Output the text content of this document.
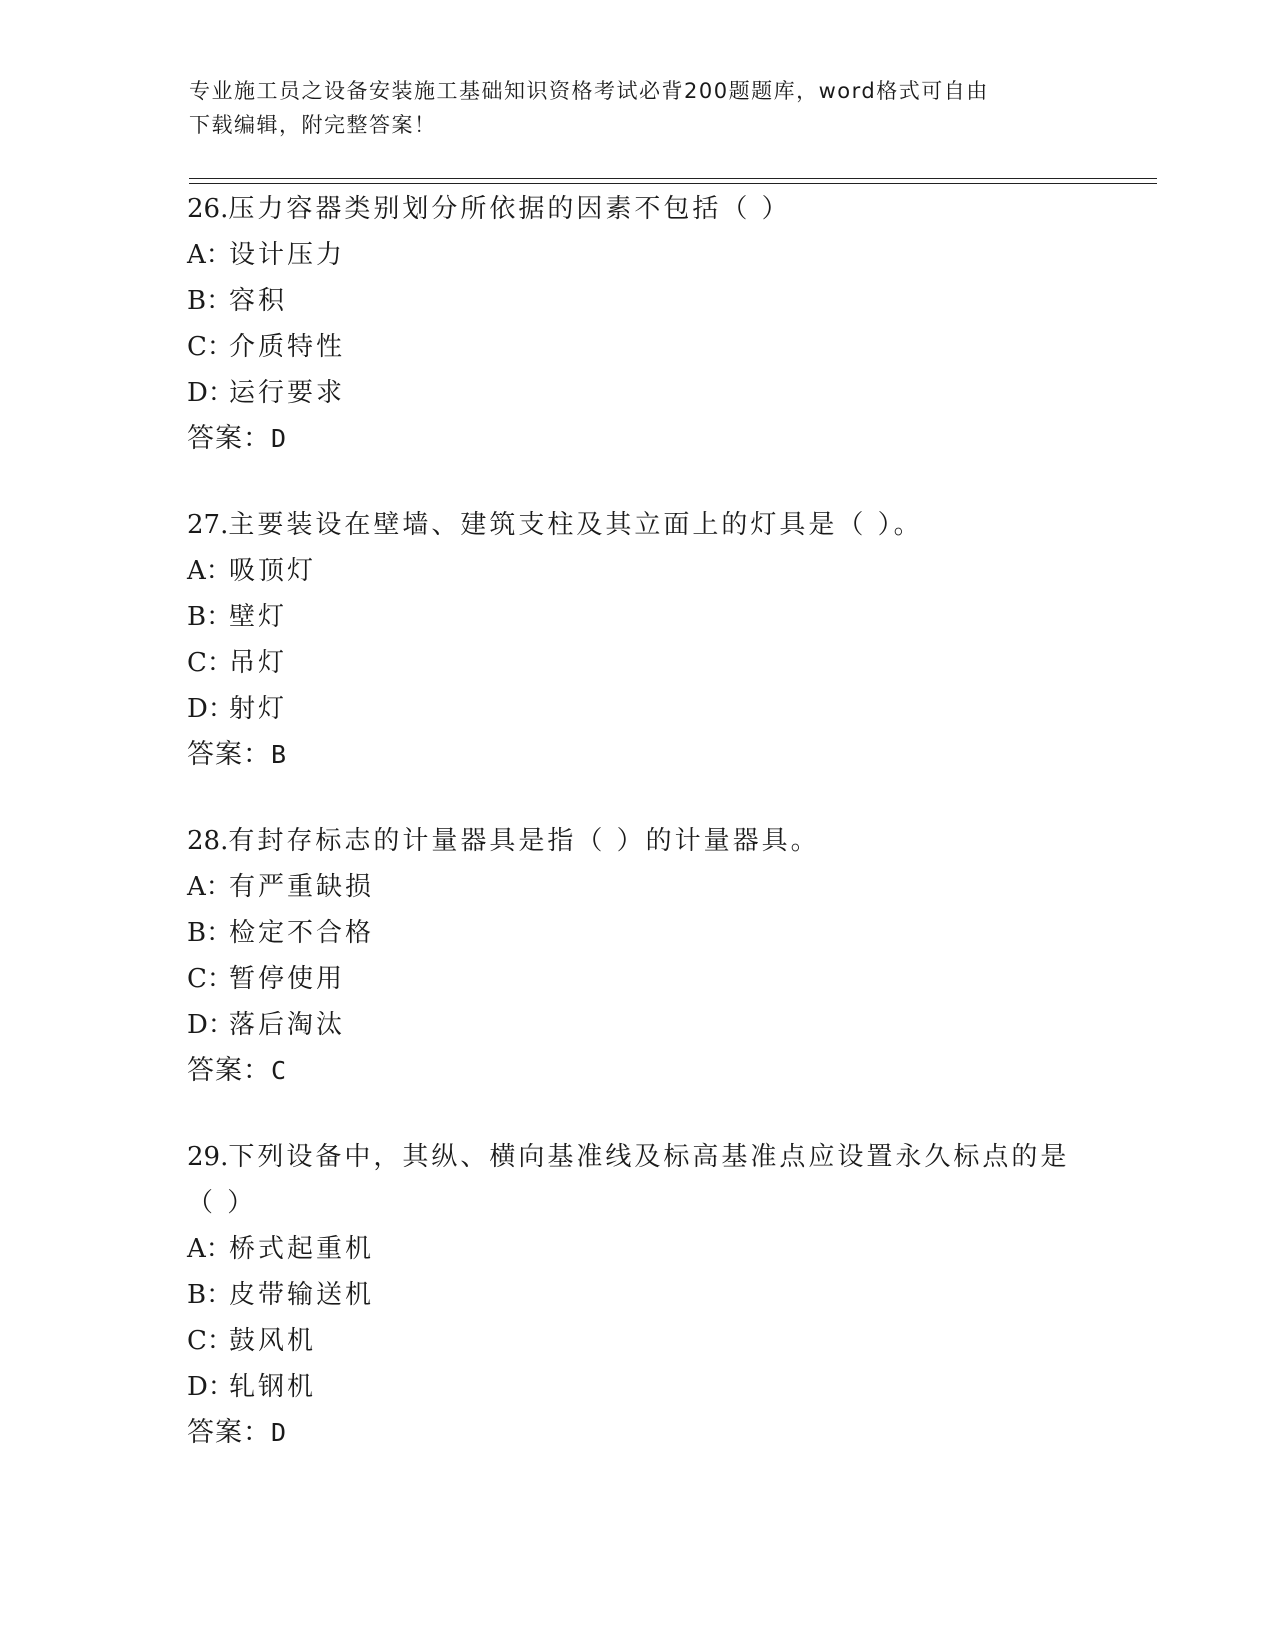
专业施工员之设备安装施工基础知识资格考试必背200题题库，word格式可自由
下载编辑，附完整答案！
26.压力容器类别划分所依据的因素不包括（ ）
A：设计压力
B：容积
C：介质特性
D：运行要求
答案：D
27.主要装设在壁墙、建筑支柱及其立面上的灯具是（ ）。
A：吸顶灯
B：壁灯
C：吊灯
D：射灯
答案：B
28.有封存标志的计量器具是指（ ）的计量器具。
A：有严重缺损
B：检定不合格
C：暂停使用
D：落后淘汰
答案：C
29.下列设备中，其纵、横向基准线及标高基准点应设置永久标点的是
（ ）
A：桥式起重机
B：皮带输送机
C：鼓风机
D：轧钢机
答案：D
